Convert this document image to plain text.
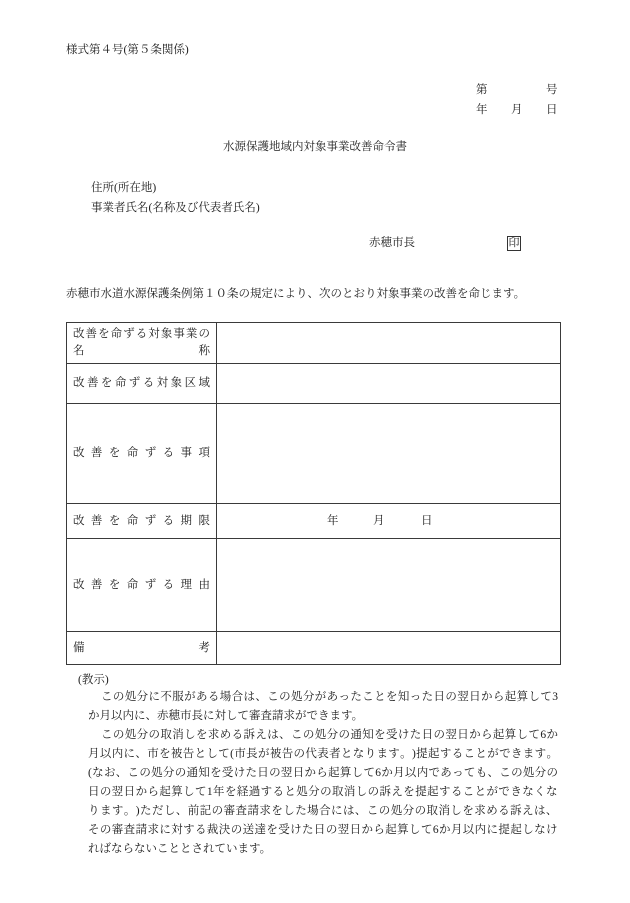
様式第４号(第５条関係)
第	号
年 月 日
水源保護地域内対象事業改善命令書
住所(所在地)
事業者氏名(名称及び代表者氏名)
赤穂市長	印
赤穂市水道水源保護条例第１０条の規定により、次のとおり対象事業の改善を命じます。
改 善 を 命 ず る 対 象 事 業 の
名	称
改 善 を 命 ず る 対 象 区 域
改 善 を 命 ず る 事 項
改 善 を 命 ず る 期 限	年	月	日
改 善 を 命 ず る 理 由
備	考
(教示)
こ の 処 分 に 不 服 が あ る 場 合 は 、 こ の 処 分 が あ っ た こ と を 知 っ た 日 の 翌 日 か ら 起 算 し て 3
か月以内に、赤穂市長に対して審査請求ができます。
こ の 処 分 の 取 消 し を 求 め る 訴 え は 、 こ の 処 分 の 通 知 を 受 け た 日 の 翌 日 か ら 起 算 し て 6 か
月 以 内 に 、 市 を 被 告 と し て ( 市 長 が 被 告 の 代 表 者 と な り ま す 。 ) 提 起 す る こ と が で き ま す 。
( な お 、 こ の 処 分 の 通 知 を 受 け た 日 の 翌 日 か ら 起 算 し て 6 か 月 以 内 で あ っ て も 、 こ の 処 分 の
日 の 翌 日 か ら 起 算 し て 1 年 を 経 過 す る と 処 分 の 取 消 し の 訴 え を 提 起 す る こ と が で き な く な
り ま す 。 ) た だ し 、 前 記 の 審 査 請 求 を し た 場 合 に は 、 こ の 処 分 の 取 消 し を 求 め る 訴 え は 、
そ の 審 査 請 求 に 対 す る 裁 決 の 送 達 を 受 け た 日 の 翌 日 か ら 起 算 し て 6 か 月 以 内 に 提 起 し な け
ればならないこととされています。
